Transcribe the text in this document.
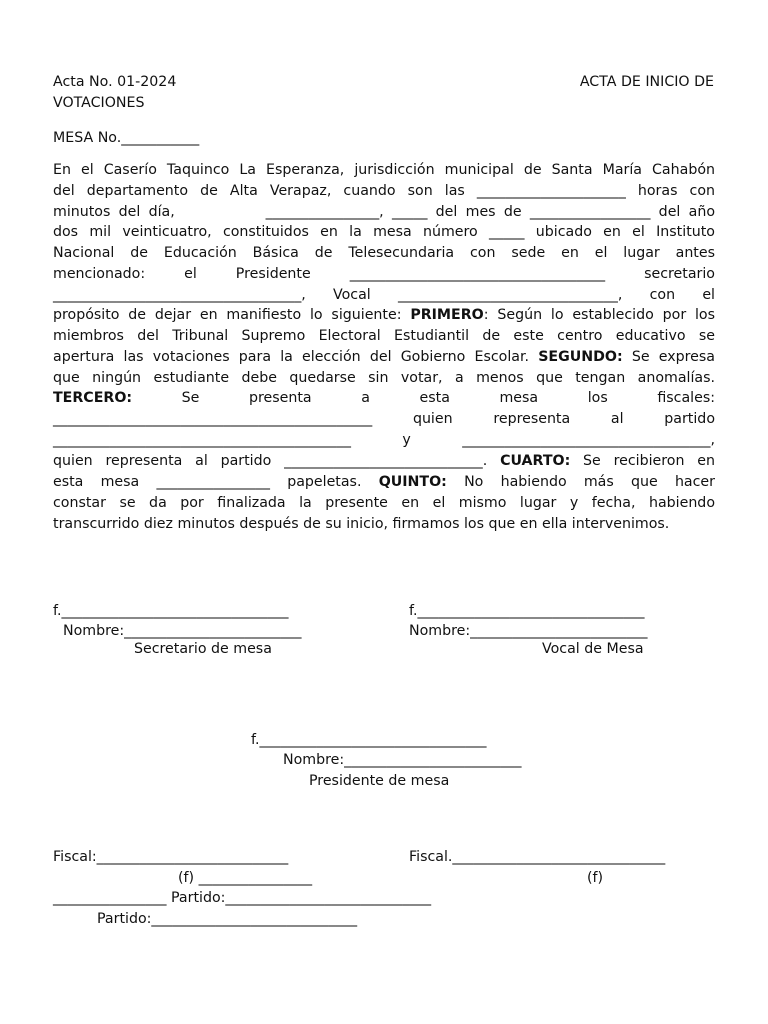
Acta No. 01-2024	ACTA DE INICIO DE
VOTACIONES
MESA No.___________
En el Caserío Taquinco La Esperanza, jurisdicción municipal de Santa María Cahabón
del departamento de Alta Verapaz, cuando son las _____________________ horas con
minutos del día,           ________________, _____ del mes de _________________ del año
dos mil veinticuatro, constituidos en la mesa número _____ ubicado en el Instituto
Nacional de Educación Básica de Telesecundaria con sede en el lugar antes
mencionado: el Presidente ____________________________________ secretario
___________________________________, Vocal _______________________________, con el
propósito de dejar en manifiesto lo siguiente: PRIMERO: Según lo establecido por los
miembros del Tribunal Supremo Electoral Estudiantil de este centro educativo se
apertura las votaciones para la elección del Gobierno Escolar. SEGUNDO: Se expresa
que ningún estudiante debe quedarse sin votar, a menos que tengan anomalías.
TERCERO: Se presenta a esta mesa los fiscales:
_____________________________________________ quien representa al partido
__________________________________________ y ___________________________________,
quien representa al partido ____________________________. CUARTO: Se recibieron en
esta mesa ________________ papeletas. QUINTO: No habiendo más que hacer
constar se da por finalizada la presente en el mismo lugar y fecha, habiendo
transcurrido diez minutos después de su inicio, firmamos los que en ella intervenimos.
f.________________________________
Nombre:_________________________
Secretario de mesa
f.________________________________
Nombre:_________________________
Vocal de Mesa
f.________________________________
Nombre:_________________________
Presidente de mesa
Fiscal:___________________________	Fiscal.______________________________
(f) ________________	(f)
________________ Partido:_____________________________
Partido:_____________________________
